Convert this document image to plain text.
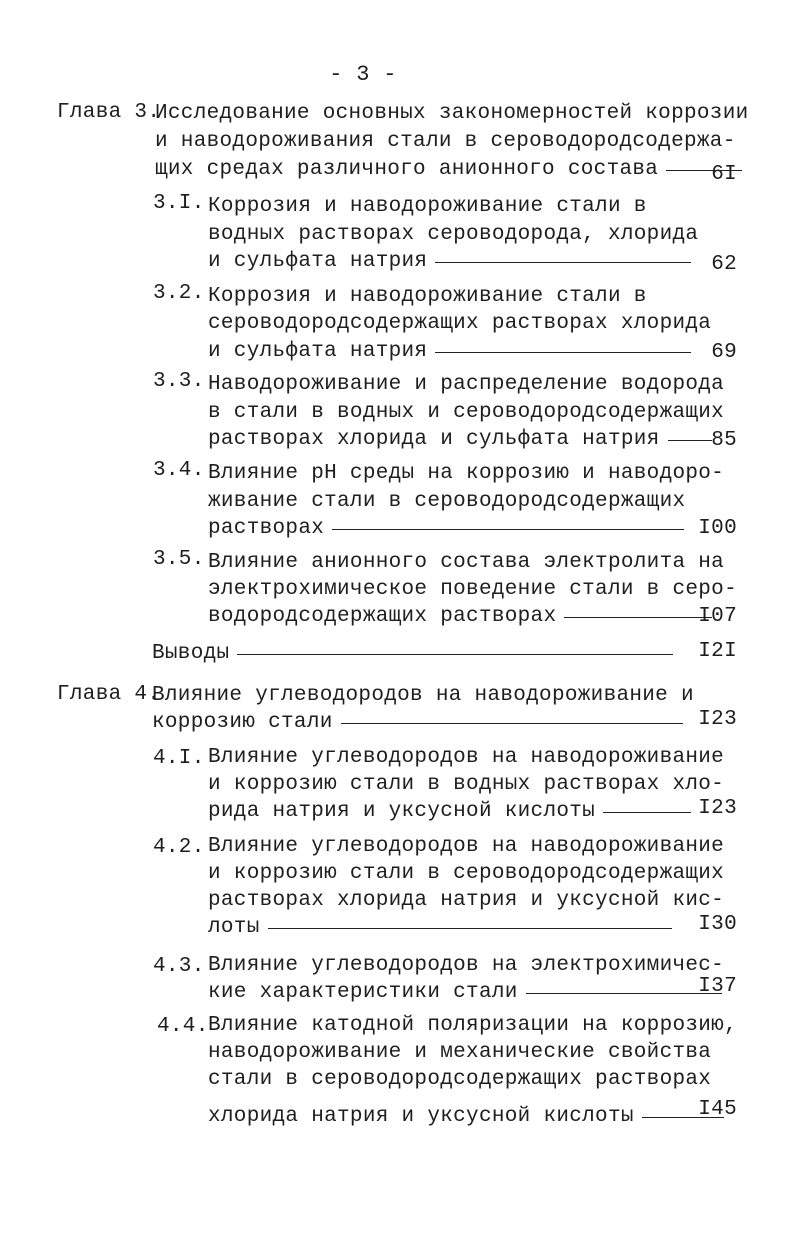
- 3 -
Глава 3.
Исследование основных закономерностей коррозии
и наводороживания стали в сероводородсодержа-
щих средах различного анионного состава	6I
3.I. Коррозия и наводороживание стали в
водных растворах сероводорода, хлорида
и сульфата натрия	62
3.2. Коррозия и наводороживание стали в
сероводородсодержащих растворах хлорида
и сульфата натрия	69
3.3. Наводороживание и распределение водорода
в стали в водных и сероводородсодержащих
растворах хлорида и сульфата натрия	85
3.4. Влияние pH среды на коррозию и наводоро-
живание стали в сероводородсодержащих
растворах	I00
3.5. Влияние анионного состава электролита на
электрохимическое поведение стали в серо-
водородсодержащих растворах	I07
Выводы	I2I
Глава 4.
Влияние углеводородов на наводороживание и
коррозию стали	I23
4.I. Влияние углеводородов на наводороживание
и коррозию стали в водных растворах хло-
рида натрия и уксусной кислоты	I23
4.2. Влияние углеводородов на наводороживание
и коррозию стали в сероводородсодержащих
растворах хлорида натрия и уксусной кис-
лоты	I30
4.3. Влияние углеводородов на электрохимичес-
кие характеристики стали	I37
4.4. Влияние катодной поляризации на коррозию,
наводороживание и механические свойства
стали в сероводородсодержащих растворах
хлорида натрия и уксусной кислоты	I45
